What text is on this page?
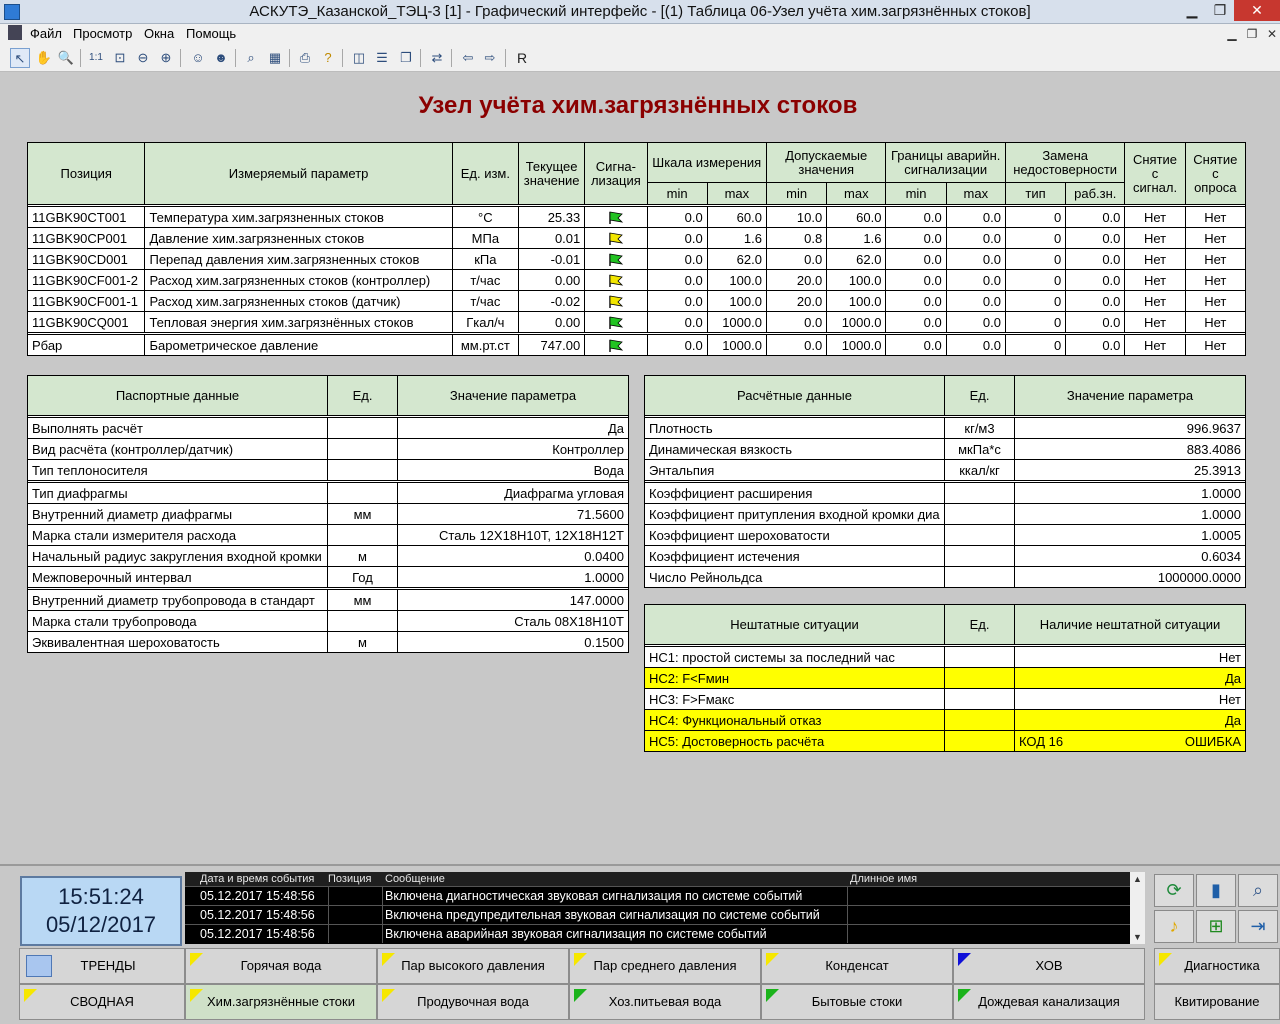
АСКУТЭ_Казанской_ТЭЦ-3 [1] - Графический интерфейс - [(1) Таблица 06-Узел учёта хим.загрязнённых стоков]	▁	❐	✕
Файл Просмотр Окна Помощь	▁ ❐ ✕
↖ ✋ 🔍	1:1 ⊡ ⊖ ⊕	☺ ☻	⌕	▦	⎙	?	◫ ☰ ❐	⇄	⇦ ⇨	R
Узел учёта хим.загрязнённых стоков
Позиция	Измеряемый параметр	Ед. изм.	Текущее значение	Сигна- лизация	Шкала измерения		Допускаемые значения		Границы аварийн. сигнализации		Замена недостоверности		Снятие с сигнал.	Снятие с опроса
					min	max	min	max	min	max	тип	раб.зн.		

11GBK90CT001	Температура хим.загрязненных стоков	°C	25.33		0.0	60.0	10.0	60.0	0.0	0.0	0	0.0	Нет	Нет
11GBK90CP001	Давление хим.загрязненных стоков	МПа	0.01		0.0	1.6	0.8	1.6	0.0	0.0	0	0.0	Нет	Нет
11GBK90CD001	Перепад давления хим.загрязненных стоков	кПа	-0.01		0.0	62.0	0.0	62.0	0.0	0.0	0	0.0	Нет	Нет
11GBK90CF001-2	Расход хим.загрязненных стоков (контроллер)	т/час	0.00		0.0	100.0	20.0	100.0	0.0	0.0	0	0.0	Нет	Нет
11GBK90CF001-1	Расход хим.загрязненных стоков (датчик)	т/час	-0.02		0.0	100.0	20.0	100.0	0.0	0.0	0	0.0	Нет	Нет
11GBK90CQ001	Тепловая энергия хим.загрязнённых стоков	Гкал/ч	0.00		0.0	1000.0	0.0	1000.0	0.0	0.0	0	0.0	Нет	Нет

Рбар	Барометрическое давление	мм.рт.ст	747.00		0.0	1000.0	0.0	1000.0	0.0	0.0	0	0.0	Нет	Нет
Паспортные данные	Ед.	Значение параметра

Выполнять расчёт		Да
Вид расчёта (контроллер/датчик)		Контроллер
Тип теплоносителя		Вода

Тип диафрагмы		Диафрагма угловая
Внутренний диаметр диафрагмы	мм	71.5600
Марка стали измерителя расхода		Сталь 12Х18Н10Т, 12Х18Н12Т
Начальный радиус закругления входной кромки	м	0.0400
Межповерочный интервал	Год	1.0000

Внутренний диаметр трубопровода в стандарт	мм	147.0000
Марка стали трубопровода		Сталь 08Х18Н10Т
Эквивалентная шероховатость	м	0.1500
Расчётные данные	Ед.	Значение параметра

Плотность	кг/м3	996.9637
Динамическая вязкость	мкПа*с	883.4086
Энтальпия	ккал/кг	25.3913

Коэффициент расширения		1.0000
Коэффициент притупления входной кромки диа		1.0000
Коэффициент шероховатости		1.0005
Коэффициент истечения		0.6034
Число Рейнольдса		1000000.0000
Нештатные ситуации	Ед.	Наличие нештатной ситуации

НС1: простой системы за последний час		Нет
НС2: F<Fмин		Да
НС3: F>Fмакс		Нет
НС4: Функциональный отказ		Да
НС5: Достоверность расчёта		КОД 16 ОШИБКА
15:51:24
05/12/2017
Дата и время события Позиция Сообщение	Длинное имя
05.12.2017 15:48:56	Включена диагностическая звуковая сигнализация по системе событий
05.12.2017 15:48:56	Включена предупредительная звуковая сигнализация по системе событий
05.12.2017 15:48:56	Включена аварийная звуковая сигнализация по системе событий
▲
▼
⟳	▮	⌕
♪	⊞	⇥
ТРЕНДЫ	Горячая вода	Пар высокого давления	Пар среднего давления	Конденсат	ХОВ	Диагностика
СВОДНАЯ	Хим.загрязнённые стоки	Продувочная вода	Хоз.питьевая вода	Бытовые стоки	Дождевая канализация	Квитирование
